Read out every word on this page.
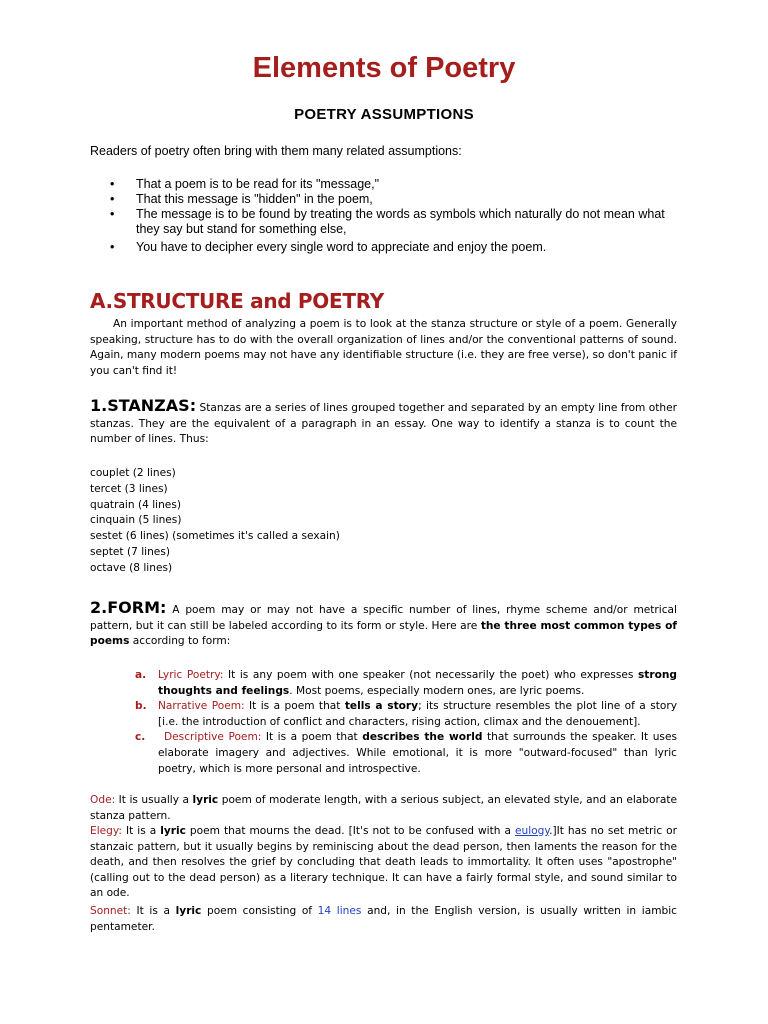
Elements of Poetry
POETRY ASSUMPTIONS
Readers of poetry often bring with them many related assumptions:
• That a poem is to be read for its "message,"
• That this message is "hidden" in the poem,
• The message is to be found by treating the words as symbols which naturally do not mean what they say but stand for something else,
• You have to decipher every single word to appreciate and enjoy the poem.
A.STRUCTURE and POETRY

An important method of analyzing a poem is to look at the stanza structure or style of a poem. Generally speaking, structure has to do with the overall organization of lines and/or the conventional patterns of sound. Again, many modern poems may not have any identifiable structure (i.e. they are free verse), so don't panic if you can't find it!

1.STANZAS: Stanzas are a series of lines grouped together and separated by an empty line from other stanzas. They are the equivalent of a paragraph in an essay. One way to identify a stanza is to count the number of lines. Thus:

couplet (2 lines)
tercet (3 lines)
quatrain (4 lines)
cinquain (5 lines)
sestet (6 lines) (sometimes it's called a sexain)
septet (7 lines)
octave (8 lines)

2.FORM: A poem may or may not have a specific number of lines, rhyme scheme and/or metrical pattern, but it can still be labeled according to its form or style. Here are the three most common types of poems according to form:

a. Lyric Poetry: It is any poem with one speaker (not necessarily the poet) who expresses strong thoughts and feelings. Most poems, especially modern ones, are lyric poems.
b. Narrative Poem: It is a poem that tells a story; its structure resembles the plot line of a story [i.e. the introduction of conflict and characters, rising action, climax and the denouement].
c. Descriptive Poem: It is a poem that describes the world that surrounds the speaker. It uses elaborate imagery and adjectives. While emotional, it is more "outward-focused" than lyric poetry, which is more personal and introspective.

Ode: It is usually a lyric poem of moderate length, with a serious subject, an elevated style, and an elaborate stanza pattern.

Elegy: It is a lyric poem that mourns the dead. [It's not to be confused with a eulogy.]It has no set metric or stanzaic pattern, but it usually begins by reminiscing about the dead person, then laments the reason for the death, and then resolves the grief by concluding that death leads to immortality. It often uses "apostrophe" (calling out to the dead person) as a literary technique. It can have a fairly formal style, and sound similar to an ode.

Sonnet: It is a lyric poem consisting of 14 lines and, in the English version, is usually written in iambic pentameter.
